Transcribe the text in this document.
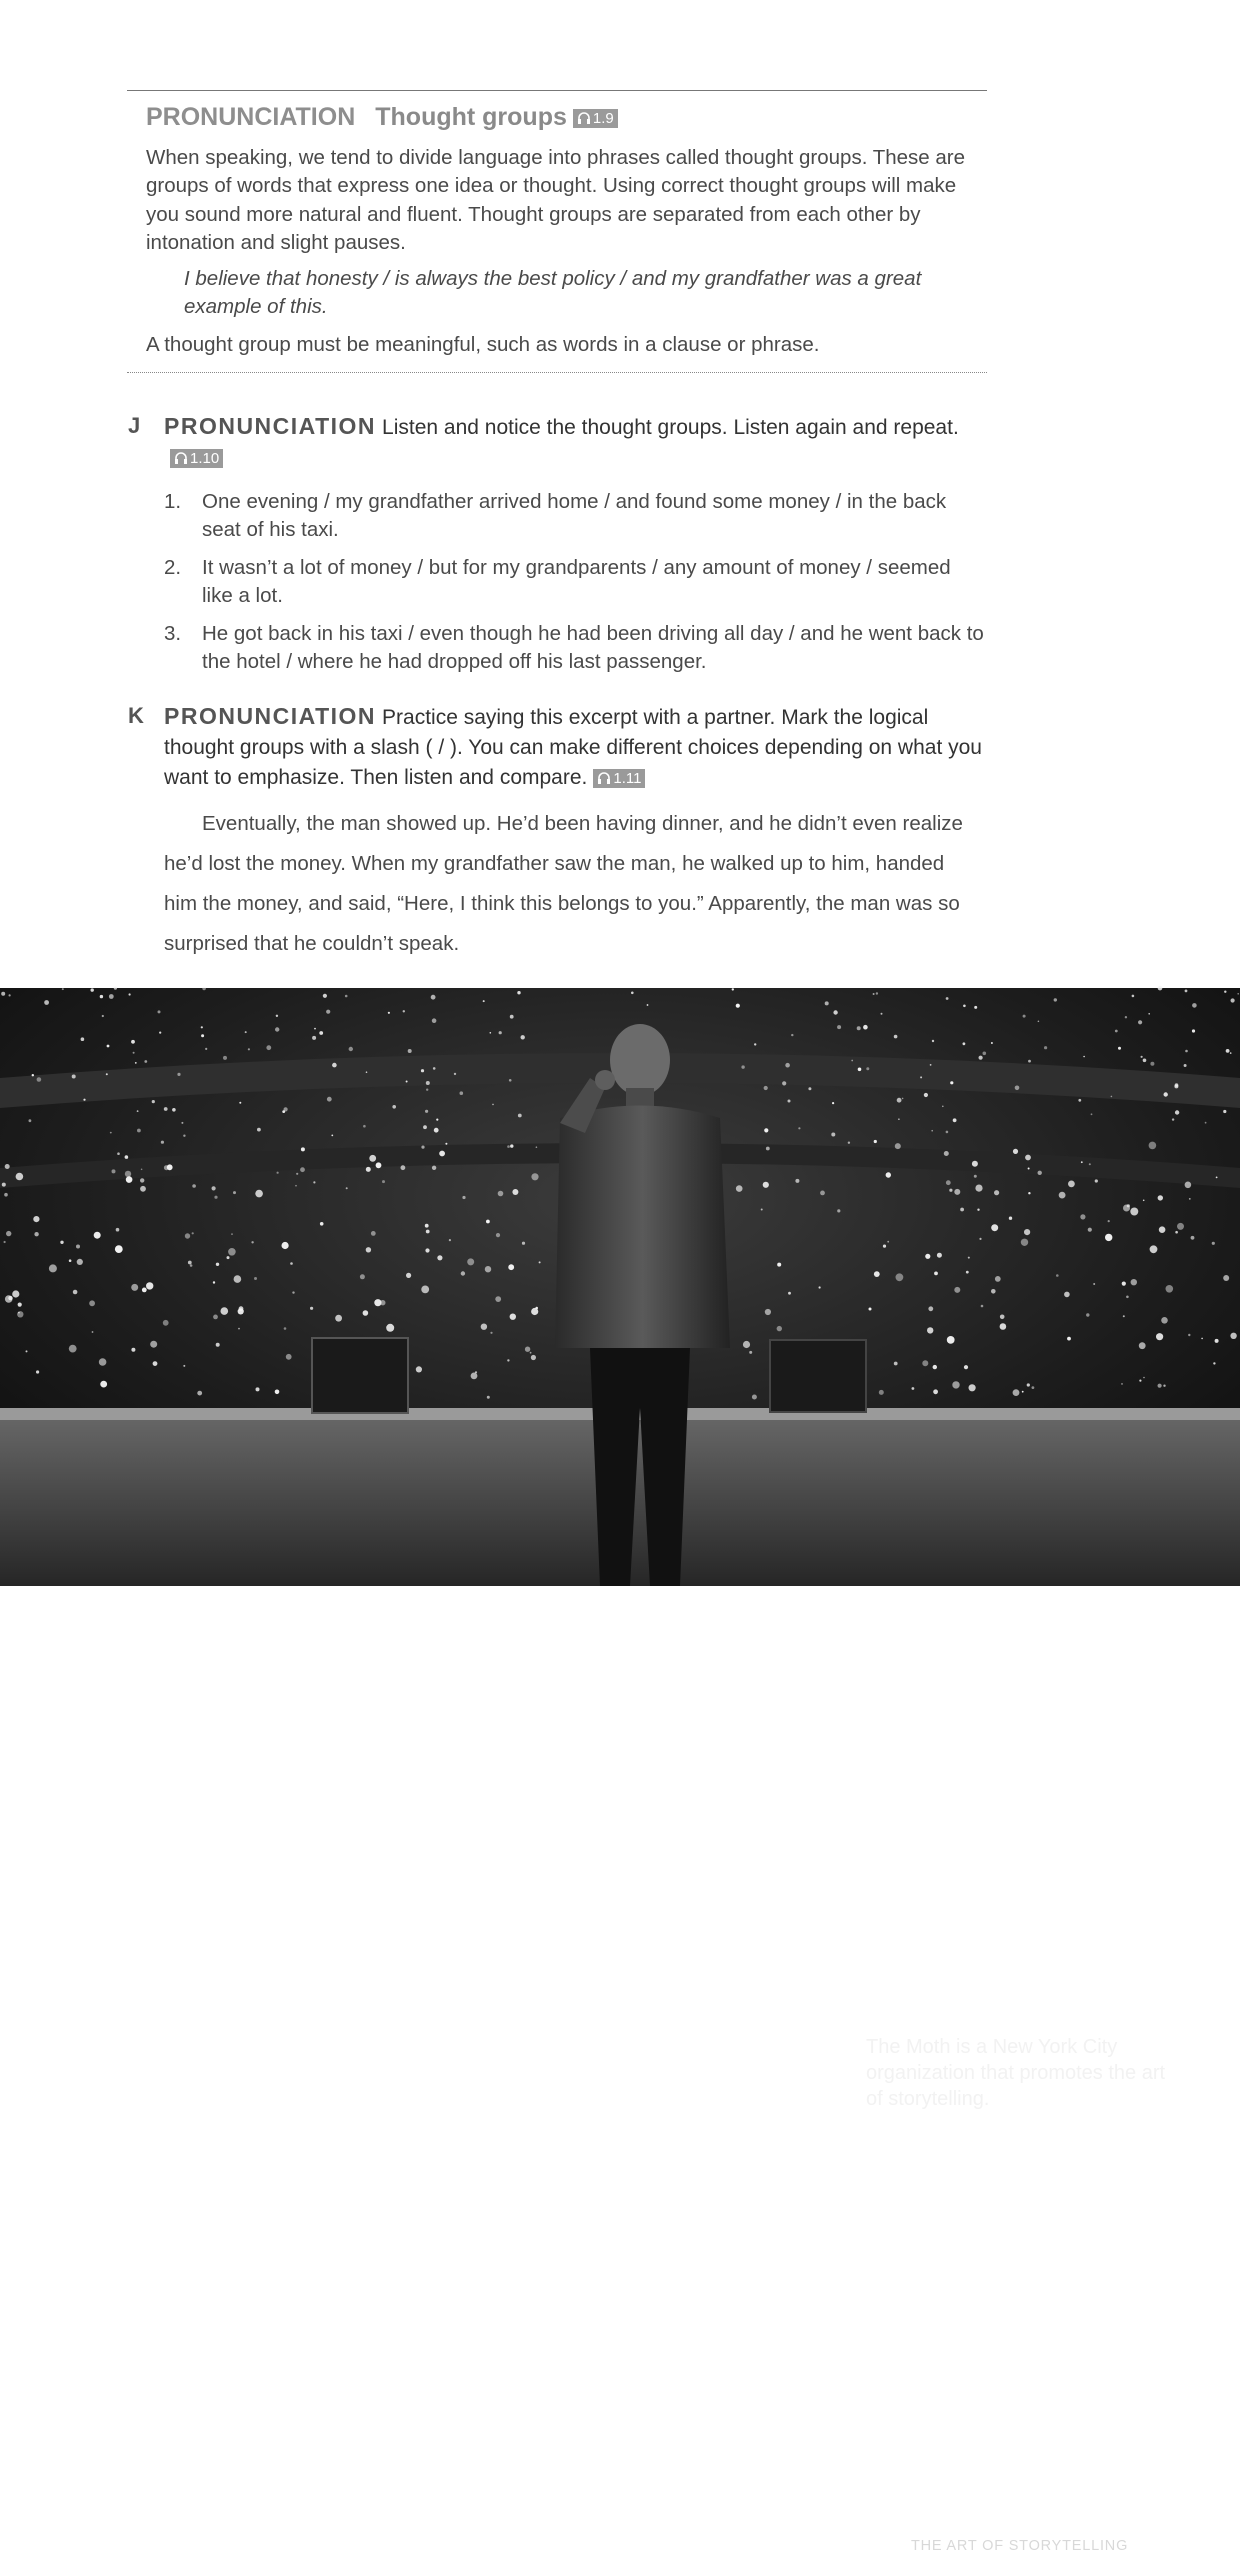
PRONUNCIATION Thought groups 1.9

When speaking, we tend to divide language into phrases called thought groups. These are groups of words that express one idea or thought. Using correct thought groups will make you sound more natural and fluent. Thought groups are separated from each other by intonation and slight pauses.

I believe that honesty / is always the best policy / and my grandfather was a great example of this.

A thought group must be meaningful, such as words in a clause or phrase.

J PRONUNCIATION Listen and notice the thought groups. Listen again and repeat.
1.10
1. One evening / my grandfather arrived home / and found some money / in the back seat of his taxi.
2. It wasn’t a lot of money / but for my grandparents / any amount of money / seemed like a lot.
3. He got back in his taxi / even though he had been driving all day / and he went back to the hotel / where he had dropped off his last passenger.
K PRONUNCIATION Practice saying this excerpt with a partner. Mark the logical thought groups with a slash ( / ). You can make different choices depending on what you want to emphasize. Then listen and compare. 1.11

Eventually, the man showed up. He’d been having dinner, and he didn’t even realize he’d lost the money. When my grandfather saw the man, he walked up to him, handed him the money, and said, “Here, I think this belongs to you.” Apparently, the man was so surprised that he couldn’t speak.

The Moth is a New York City organization that promotes the art of storytelling.
THE ART OF STORYTELLING 17
